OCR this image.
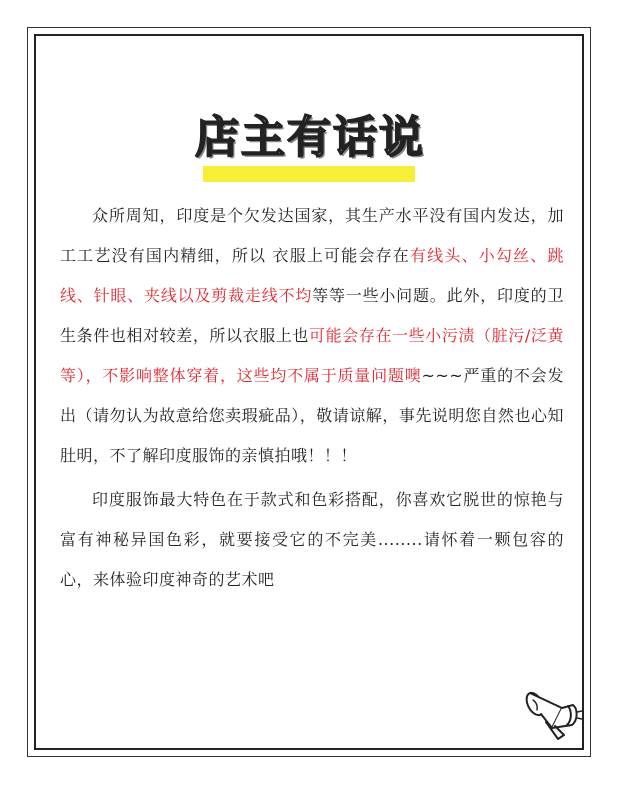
店主有话说

众所周知，印度是个欠发达国家，其生产水平没有国内发达，加工工艺没有国内精细，所以 衣服上可能会存在有线头、小勾丝、跳线、针眼、夹线以及剪裁走线不均等等一些小问题。此外，印度的卫生条件也相对较差，所以衣服上也可能会存在一些小污渍（脏污/泛黄等），不影响整体穿着，这些均不属于质量问题噢~~~严重的不会发出（请勿认为故意给您卖瑕疵品），敬请谅解，事先说明您自然也心知肚明，不了解印度服饰的亲慎拍哦！！！

印度服饰最大特色在于款式和色彩搭配，你喜欢它脱世的惊艳与富有神秘异国色彩，就要接受它的不完美........请怀着一颗包容的心，来体验印度神奇的艺术吧
